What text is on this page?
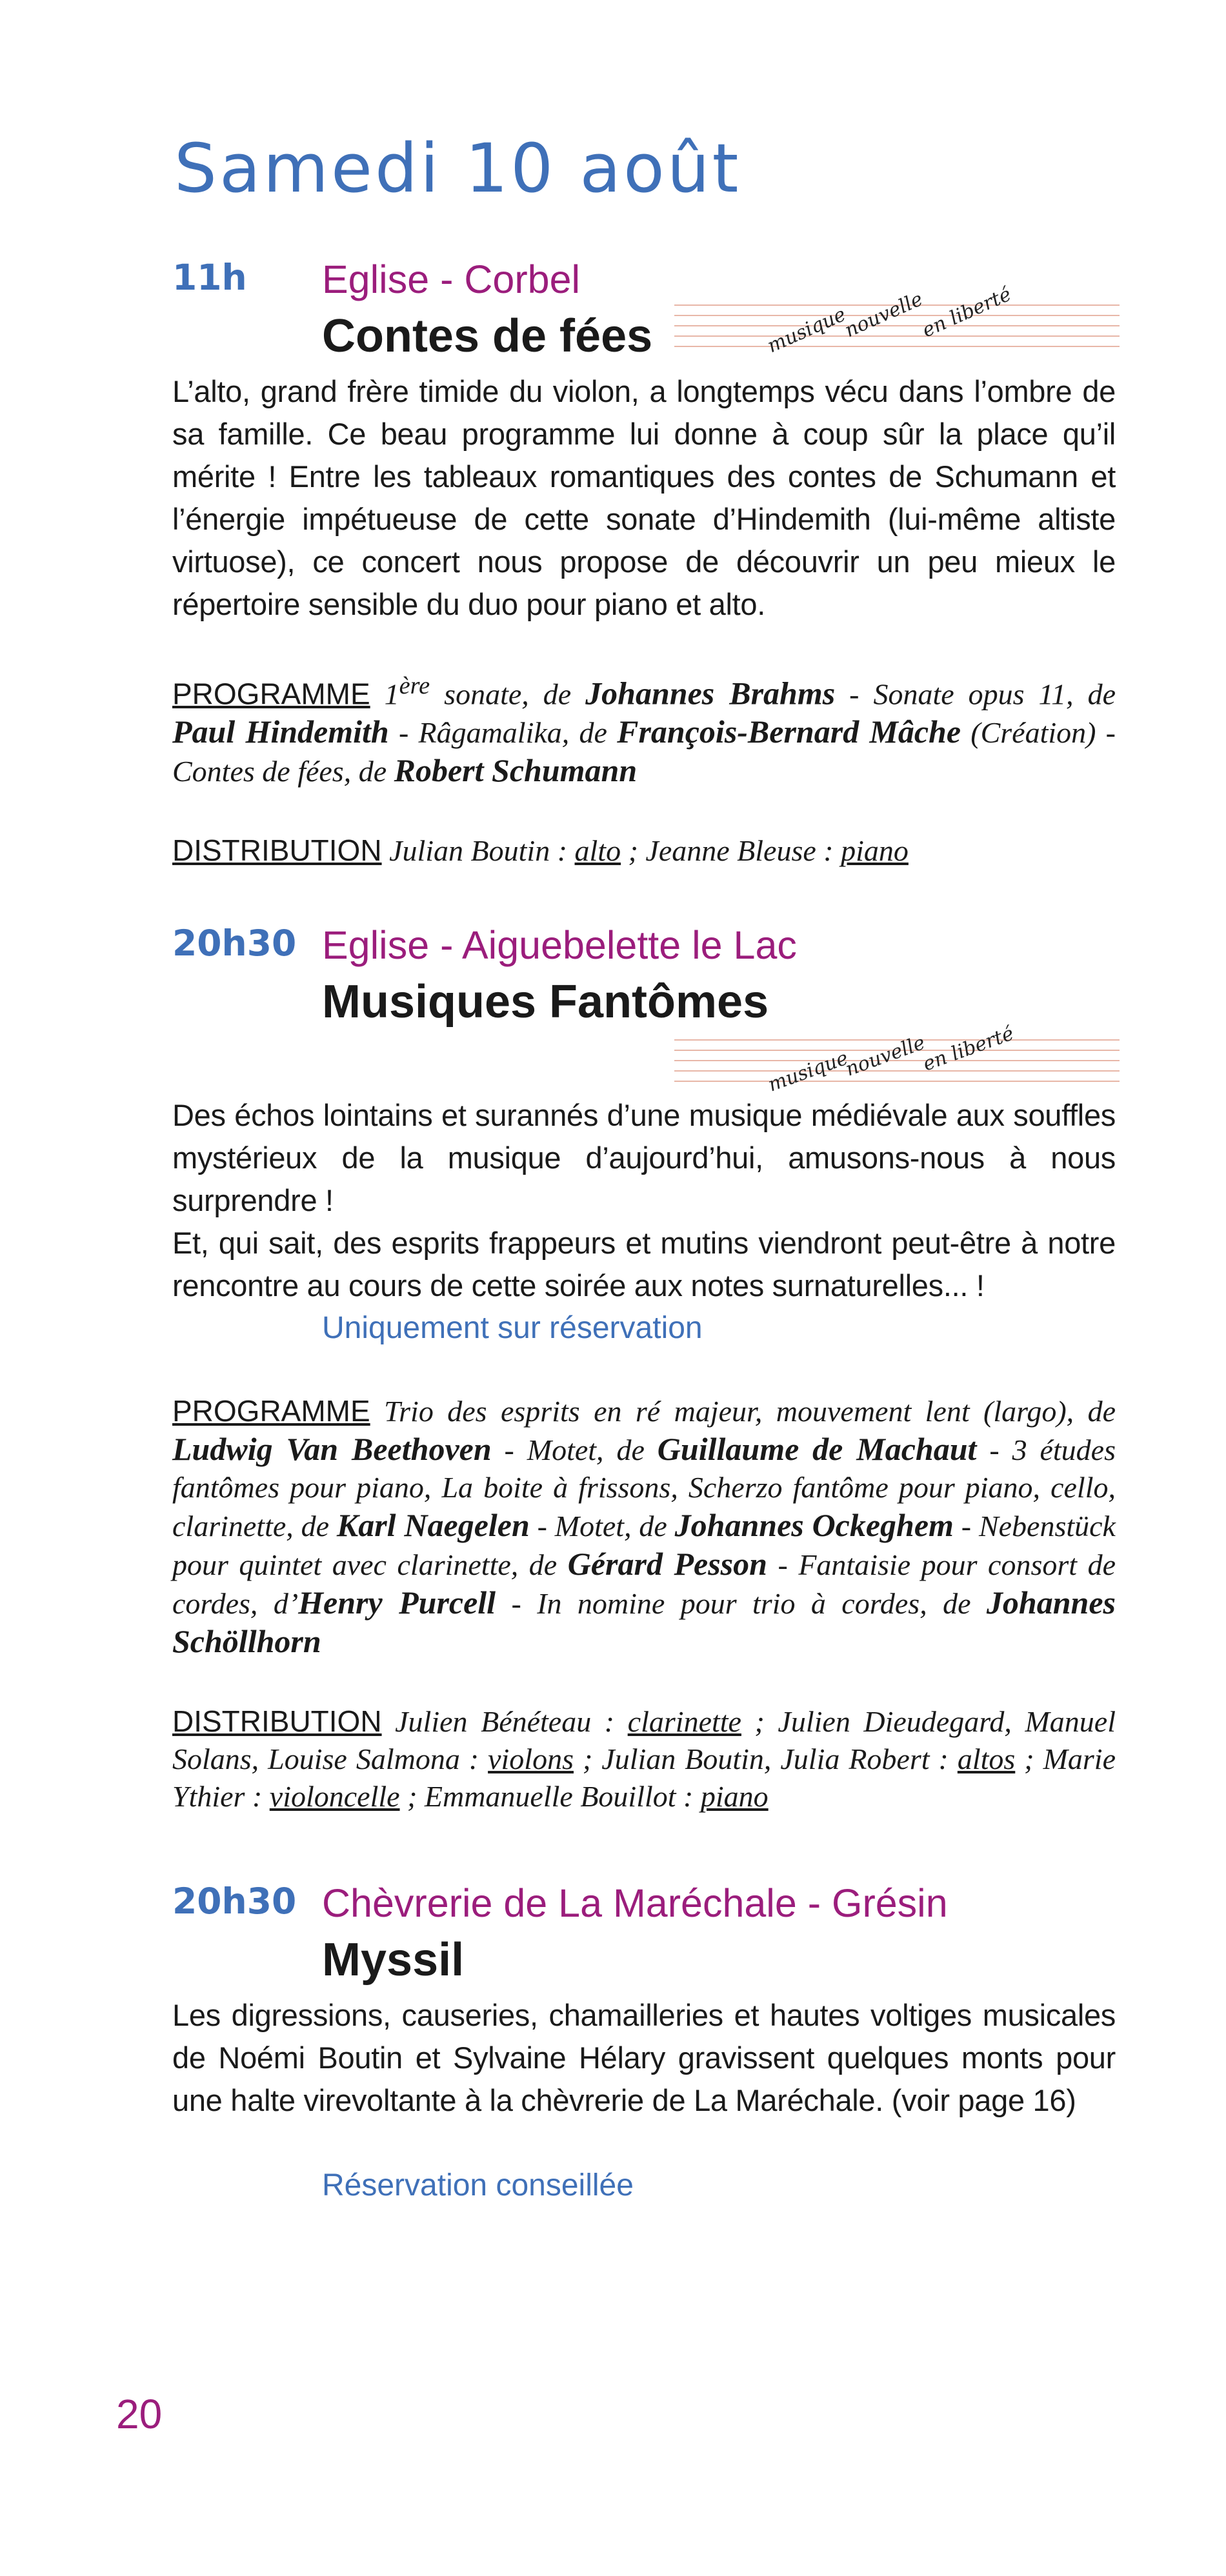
Samedi 10 août
11h Eglise - Corbel
Contes de fées

L’alto, grand frère timide du violon, a longtemps vécu dans l’ombre de sa famille. Ce beau programme lui donne à coup sûr la place qu’il mérite ! Entre les tableaux romantiques des contes de Schumann et l’énergie impétueuse de cette sonate d’Hindemith (lui-même altiste virtuose), ce concert nous propose de découvrir un peu mieux le répertoire sensible du duo pour piano et alto.

PROGRAMME 1ère sonate, de Johannes Brahms - Sonate opus 11, de Paul Hindemith - Râgamalika, de François-Bernard Mâche (Création) - Contes de fées, de Robert Schumann

DISTRIBUTION Julian Boutin : alto ; Jeanne Bleuse : piano

20h30 Eglise - Aiguebelette le Lac
Musiques Fantômes

Des échos lointains et surannés d’une musique médiévale aux souffles mystérieux de la musique d’aujourd’hui, amusons-nous à nous surprendre !

Et, qui sait, des esprits frappeurs et mutins viendront peut-être à notre rencontre au cours de cette soirée aux notes surnaturelles... !

Uniquement sur réservation

PROGRAMME Trio des esprits en ré majeur, mouvement lent (largo), de Ludwig Van Beethoven - Motet, de Guillaume de Machaut - 3 études fantômes pour piano, La boite à frissons, Scherzo fantôme pour piano, cello, clarinette, de Karl Naegelen - Motet, de Johannes Ockeghem - Nebenstück pour quintet avec clarinette, de Gérard Pesson - Fantaisie pour consort de cordes, d’Henry Purcell - In nomine pour trio à cordes, de Johannes Schöllhorn

DISTRIBUTION Julien Bénéteau : clarinette ; Julien Dieudegard, Manuel Solans, Louise Salmona : violons ; Julian Boutin, Julia Robert : altos ; Marie Ythier : violoncelle ; Emmanuelle Bouillot : piano

20h30 Chèvrerie de La Maréchale - Grésin
Myssil

Les digressions, causeries, chamailleries et hautes voltiges musicales de Noémi Boutin et Sylvaine Hélary gravissent quelques monts pour une halte virevoltante à la chèvrerie de La Maréchale. (voir page 16)

Réservation conseillée

musique
nouvelle
en liberté
musique
nouvelle
en liberté
20
